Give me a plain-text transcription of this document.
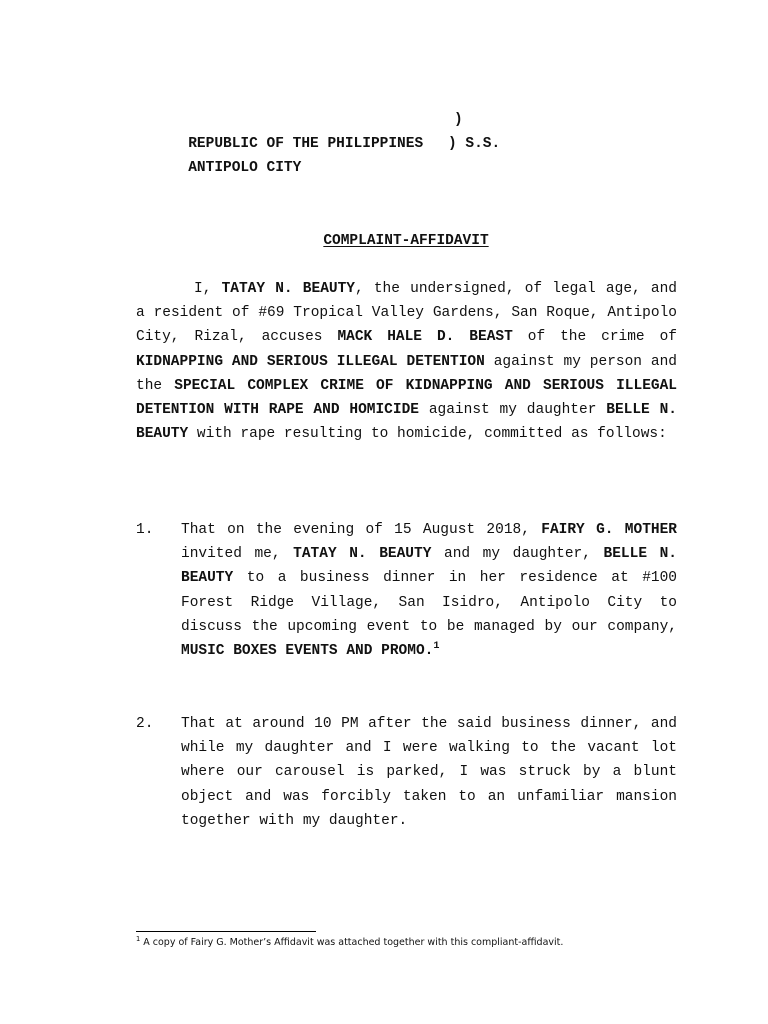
REPUBLIC OF THE PHILIPPINES

)

ANTIPOLO CITY

) S.S.

COMPLAINT-AFFIDAVIT

I, TATAY N. BEAUTY, the undersigned, of legal age, and a resident of #69 Tropical Valley Gardens, San Roque, Antipolo City, Rizal, accuses MACK HALE D. BEAST of the crime of KIDNAPPING AND SERIOUS ILLEGAL DETENTION against my person and the SPECIAL COMPLEX CRIME OF KIDNAPPING AND SERIOUS ILLEGAL DETENTION WITH RAPE AND HOMICIDE against my daughter BELLE N. BEAUTY with rape resulting to homicide, committed as follows:

1. That on the evening of 15 August 2018, FAIRY G. MOTHER invited me, TATAY N. BEAUTY and my daughter, BELLE N. BEAUTY to a business dinner in her residence at #100 Forest Ridge Village, San Isidro, Antipolo City to discuss the upcoming event to be managed by our company, MUSIC BOXES EVENTS AND PROMO.$^1$

2. That at around 10 PM after the said business dinner, and while my daughter and I were walking to the vacant lot where our carousel is parked, I was struck by a blunt object and was forcibly taken to an unfamiliar mansion together with my daughter.

$^1$ A copy of Fairy G. Mother’s Affidavit was attached together with this compliant-affidavit.
